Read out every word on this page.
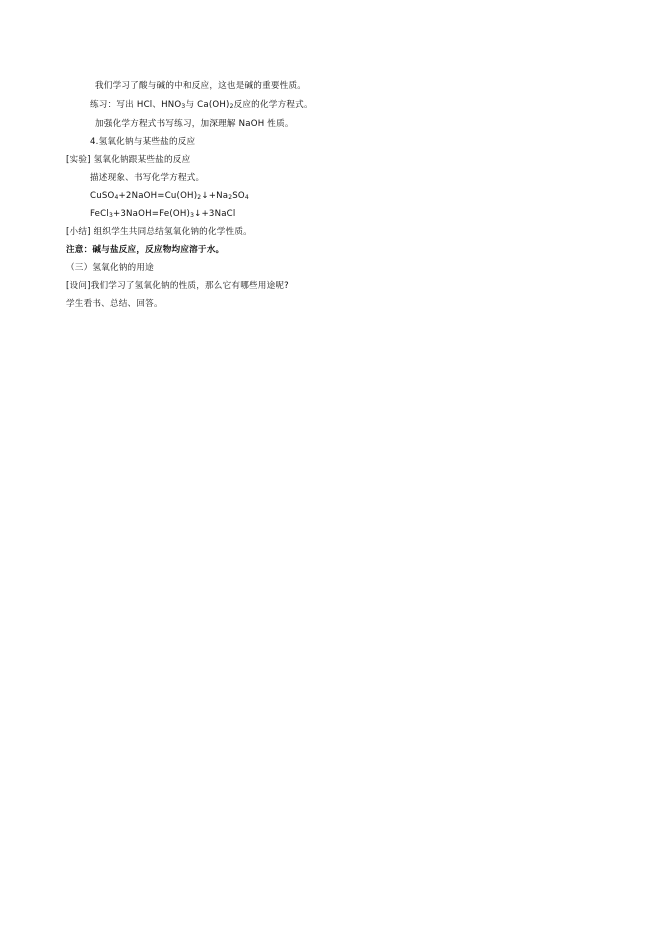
我们学习了酸与碱的中和反应，这也是碱的重要性质。
练习：写出 HCl、$HNO_3$与 $Ca(OH)_2$反应的化学方程式。
加强化学方程式书写练习，加深理解 NaOH 性质。
4.氢氧化钠与某些盐的反应
[实验] 氢氧化钠跟某些盐的反应
描述现象、书写化学方程式。
$CuSO_4+2NaOH=Cu(OH)_2↓+Na_2SO_4$
$FeCl_3+3NaOH=Fe(OH)_3↓+3NaCl$
[小结] 组织学生共同总结氢氧化钠的化学性质。
注意：碱与盐反应，反应物均应溶于水。
（三）氢氧化钠的用途
[设问]我们学习了氢氧化钠的性质，那么它有哪些用途呢?
学生看书、总结、回答。
